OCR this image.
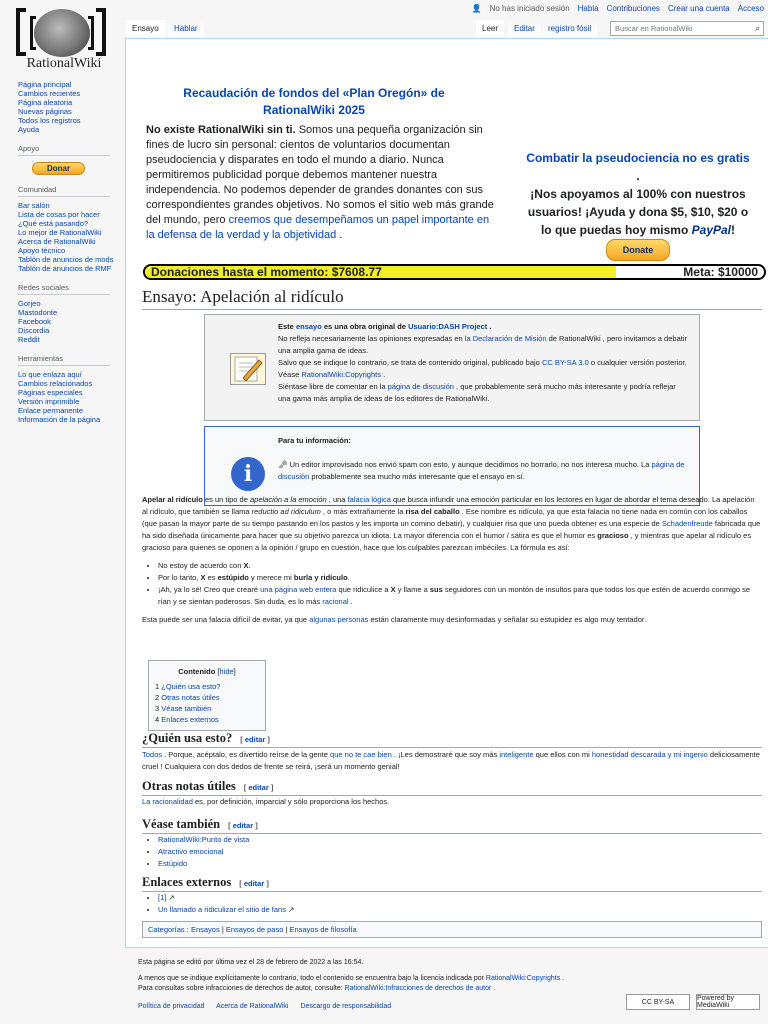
RationalWiki
👤 No has iniciado sesión Habla Contribuciones Crear una cuenta Acceso
Ensayo	Hablar	Leer	Editar	registro fósil	Buscar en RationalWiki	⌕
Página principal
Cambios recientes
Página aleatoria
Nuevas páginas
Todos los registros
Ayuda
Apoyo
Donar
Comunidad
Bar salón
Lista de cosas por hacer
¿Qué está pasando?
Lo mejor de RationalWiki
Acerca de RationalWiki
Apoyo técnico
Tablón de anuncios de mods
Tablón de anuncios de RMF
Redes sociales
Gorjeo
Mastodonte
Facebook
Discordia
Reddit
Herramientas
Lo que enlaza aquí
Cambios relacionados
Páginas especiales
Versión imprimible
Enlace permanente
Información de la página
Recaudación de fondos del «Plan Oregón» de RationalWiki 2025
No existe RationalWiki sin ti. Somos una pequeña organización sin fines de lucro sin personal: cientos de voluntarios documentan pseudociencia y disparates en todo el mundo a diario. Nunca permitiremos publicidad porque debemos mantener nuestra independencia. No podemos depender de grandes donantes con sus correspondientes grandes objetivos. No somos el sitio web más grande del mundo, pero creemos que desempeñamos un papel importante en la defensa de la verdad y la objetividad .
Combatir la pseudociencia no es gratis .
¡Nos apoyamos al 100% con nuestros usuarios! ¡Ayuda y dona $5, $10, $20 o lo que puedas hoy mismo PayPal!
Donate
Donaciones hasta el momento: $7608.77	Meta: $10000
Ensayo: Apelación al ridículo
Este ensayo es una obra original de Usuario:DASH Project .
No refleja necesariamente las opiniones expresadas en la Declaración de Misión de RationalWiki , pero invitamos a debatir una amplia gama de ideas.
Salvo que se indique lo contrario, se trata de contenido original, publicado bajo CC BY-SA 3.0 o cualquier versión posterior. Véase RationalWiki:Copyrights .
Siéntase libre de comentar en la página de discusión , que probablemente será mucho más interesante y podría reflejar una gama más amplia de ideas de los editores de RationalWiki.
i
Para tu información:

🗝 Un editor improvisado nos envió spam con esto, y aunque decidimos no borrarlo, no nos interesa mucho. La página de discusión probablemente sea mucho más interesante que el ensayo en sí.

Apelar al ridículo es un tipo de apelación a la emoción , una falacia lógica que busca infundir una emoción particular en los lectores en lugar de abordar el tema deseado. La apelación al ridículo, que también se llama reductio ad ridiculum , o más extrañamente la risa del caballo . Ese nombre es ridículo, ya que esta falacia no tiene nada en común con los caballos (que pasan la mayor parte de su tiempo pastando en los pastos y les importa un comino debatir), y cualquier risa que uno pueda obtener es una especie de Schadenfreude fabricada que ha sido diseñada únicamente para hacer que su objetivo parezca un idiota. La mayor diferencia con el humor / sátira es que el humor es gracioso , y mientras que apelar al ridículo es gracioso para quienes se oponen a la opinión / grupo en cuestión, hace que los culpables parezcan imbéciles. La fórmula es así:

• No estoy de acuerdo con X.
• Por lo tanto, X es estúpido y merece mi burla y ridículo.
• ¡Ah, ya lo sé! Creo que crearé una página web entera que ridiculice a X y llame a sus seguidores con un montón de insultos para que todos los que estén de acuerdo conmigo se rían y se sientan poderosos. Sin duda, es lo más racional .

Esta puede ser una falacia difícil de evitar, ya que algunas personas están claramente muy desinformadas y señalar su estupidez es algo muy tentador.

Contenido [hide]
1 ¿Quién usa esto?
2 Otras notas útiles
3 Véase también
4 Enlaces externos
¿Quién usa esto? [ editar ]
Todos . Porque, acéptalo, es divertido reírse de la gente que no te cae bien . ¡Les demostraré que soy más inteligente que ellos con mi honestidad descarada y mi ingenio deliciosamente cruel ! Cualquiera con dos dedos de frente se reirá, ¡será un momento genial!
Otras notas útiles [ editar ]
La racionalidad es, por definición, imparcial y sólo proporciona los hechos.
Véase también [ editar ]
• RationalWiki:Punto de vista
• Atractivo emocional
• Estúpido
Enlaces externos [ editar ]
• [1] ↗
• Un llamado a ridiculizar el sitio de fans ↗
Categorías : Ensayos | Ensayos de paso | Ensayos de filosofía
Esta página se editó por última vez el 28 de febrero de 2022 a las 16:54.
A menos que se indique explícitamente lo contrario, todo el contenido se encuentra bajo la licencia indicada por RationalWiki:Copyrights .
Para consultas sobre infracciones de derechos de autor, consulte: RationalWiki:Infracciones de derechos de autor .
Política de privacidad Acerca de RationalWiki Descargo de responsabilidad
CC BY-SA	Powered by MediaWiki
